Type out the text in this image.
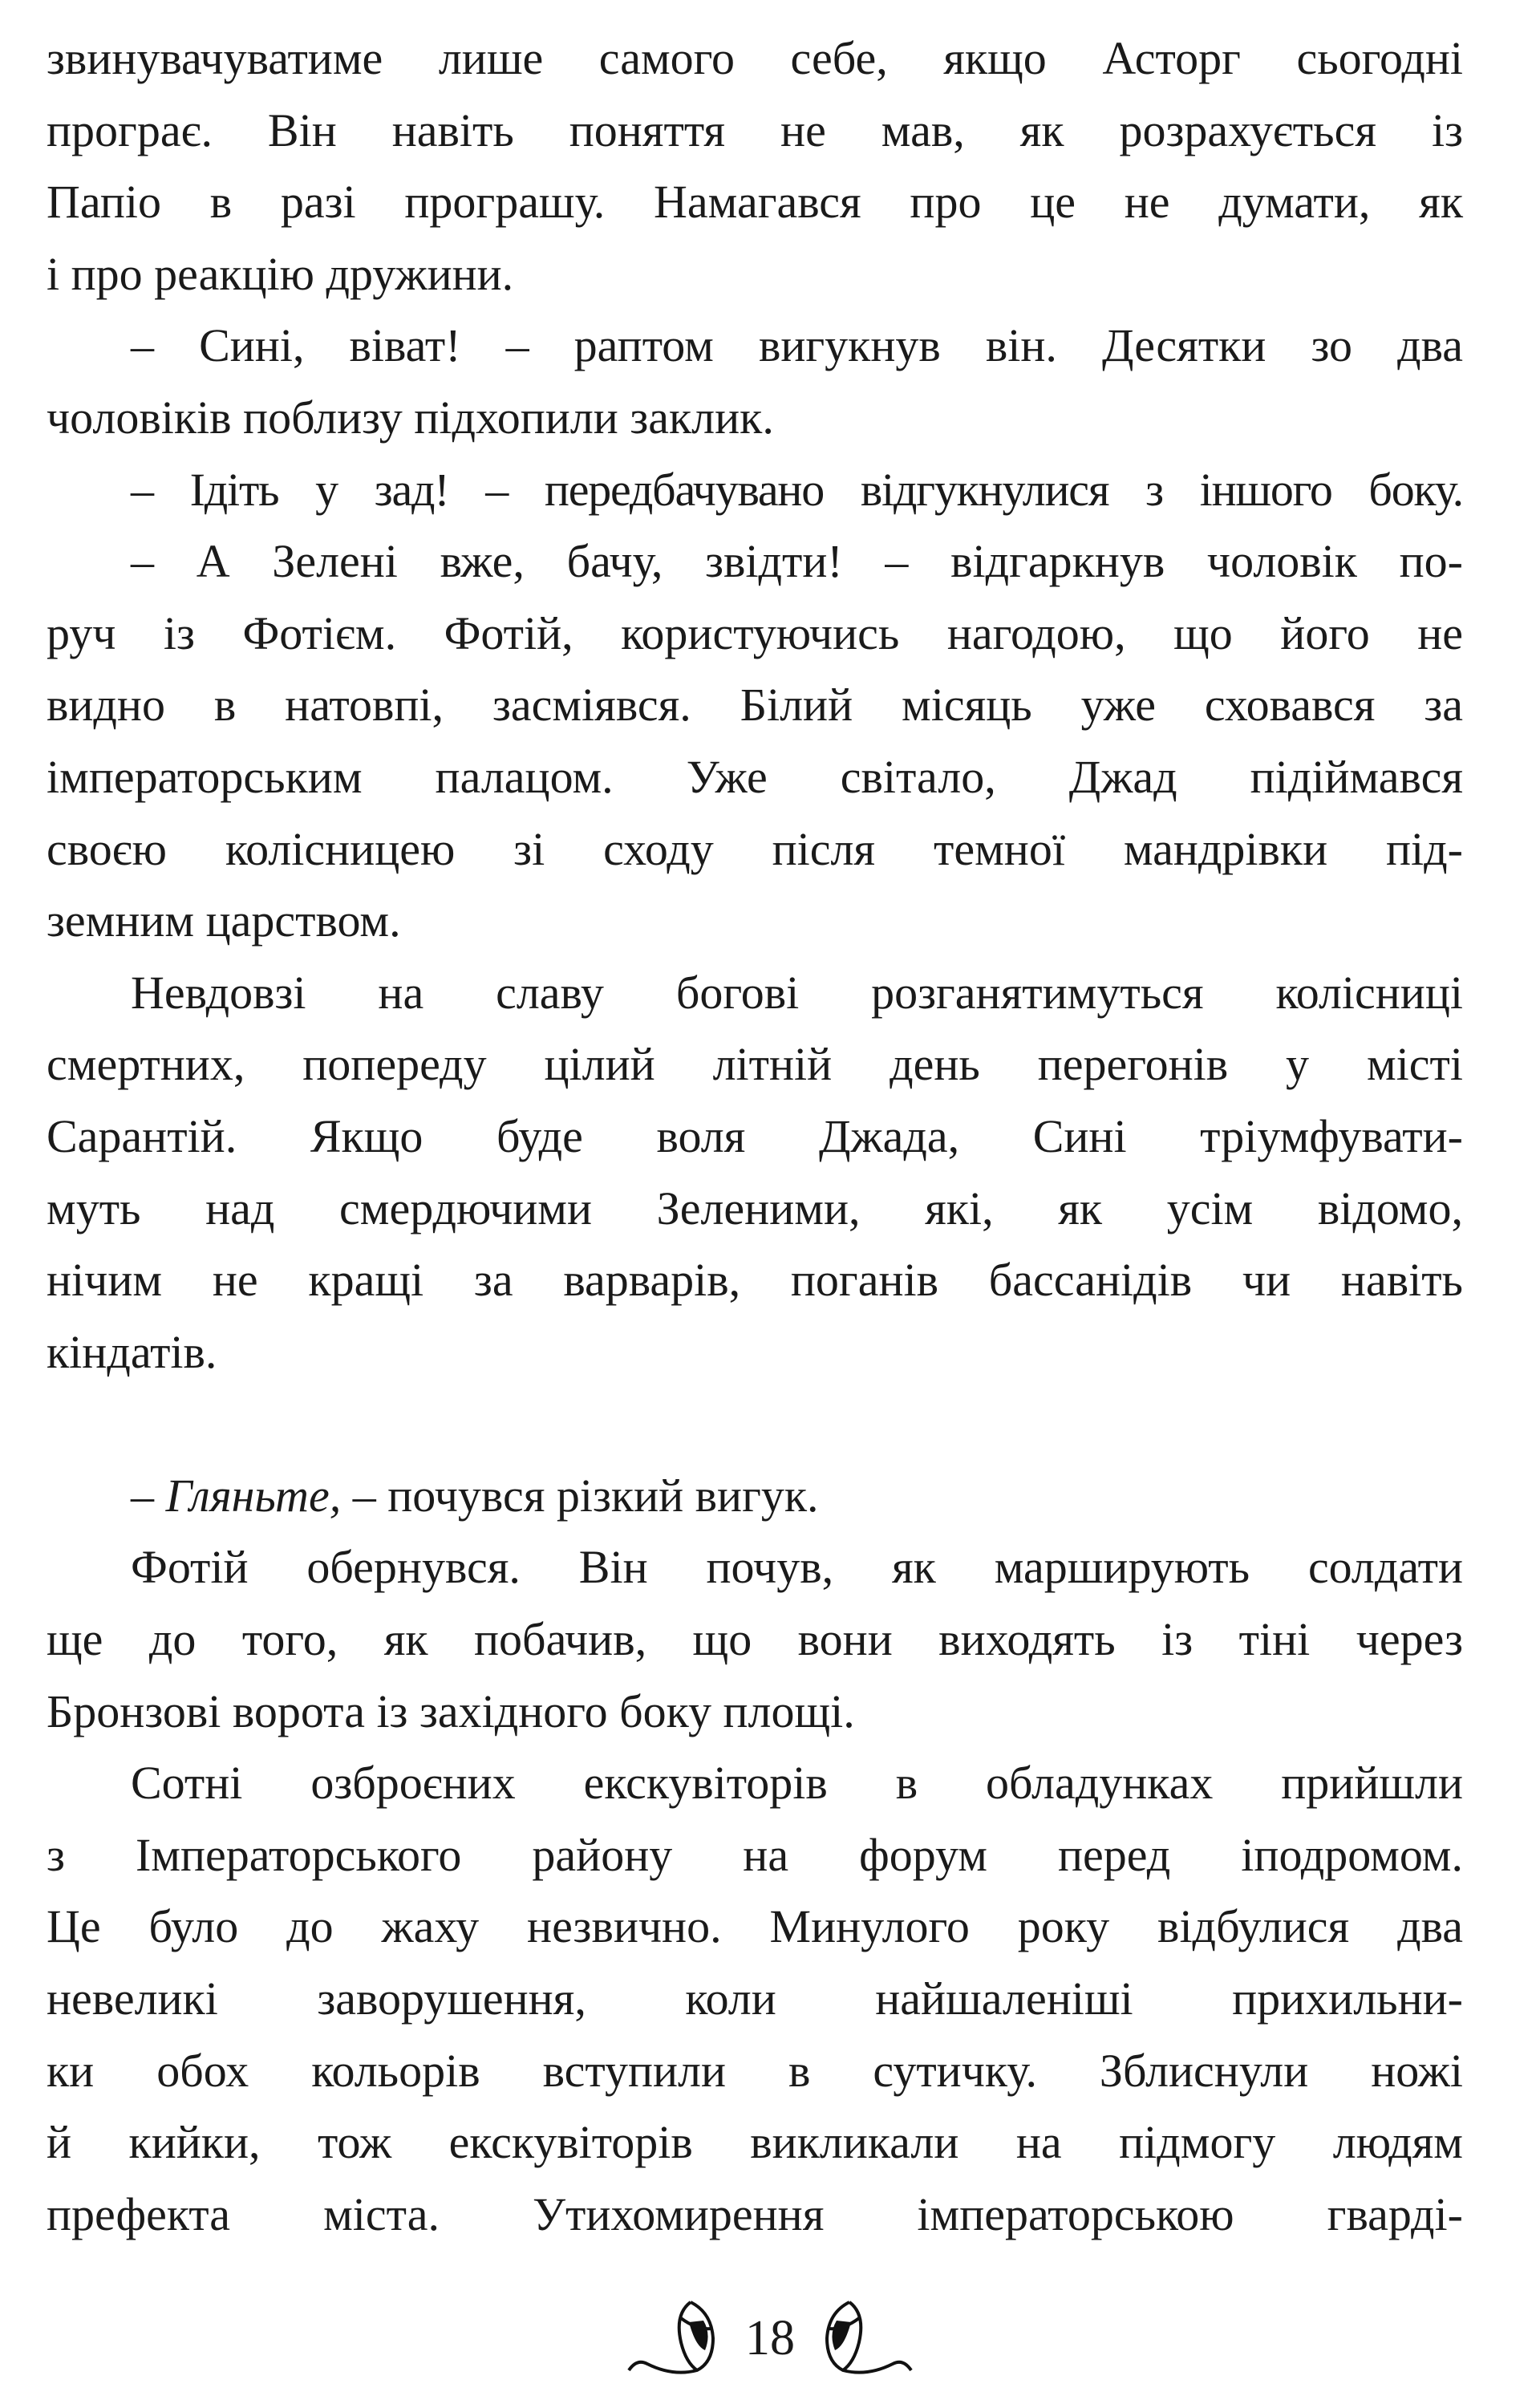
звинувачуватиме лише самого себе, якщо Асторг сьогодні
програє. Він навіть поняття не мав, як розрахується із
Папіо в разі програшу. Намагався про це не думати, як
і про реакцію дружини.
– Сині, віват! – раптом вигукнув він. Десятки зо два
чоловіків поблизу підхопили заклик.
– Ідіть у зад! – передбачувано відгукнулися з іншого боку.
– А Зелені вже, бачу, звідти! – відгаркнув чоловік по-
руч із Фотієм. Фотій, користуючись нагодою, що його не
видно в натовпі, засміявся. Білий місяць уже сховався за
імператорським палацом. Уже світало, Джад підіймався
своєю колісницею зі сходу після темної мандрівки під-
земним царством.
Невдовзі на славу богові розганятимуться колісниці
смертних, попереду цілий літній день перегонів у місті
Сарантій. Якщо буде воля Джада, Сині тріумфувати-
муть над смердючими Зеленими, які, як усім відомо,
нічим не кращі за варварів, поганів бассанідів чи навіть
кіндатів.
– Гляньте, – почувся різкий вигук.
Фотій обернувся. Він почув, як марширують солдати
ще до того, як побачив, що вони виходять із тіні через
Бронзові ворота із західного боку площі.
Сотні озброєних екскувіторів в обладунках прийшли
з Імператорського району на форум перед іподромом.
Це було до жаху незвично. Минулого року відбулися два
невеликі заворушення, коли найшаленіші прихильни-
ки обох кольорів вступили в сутичку. Зблиснули ножі
й кийки, тож екскувіторів викликали на підмогу людям
префекта міста. Утихомирення імператорською гварді-
18
